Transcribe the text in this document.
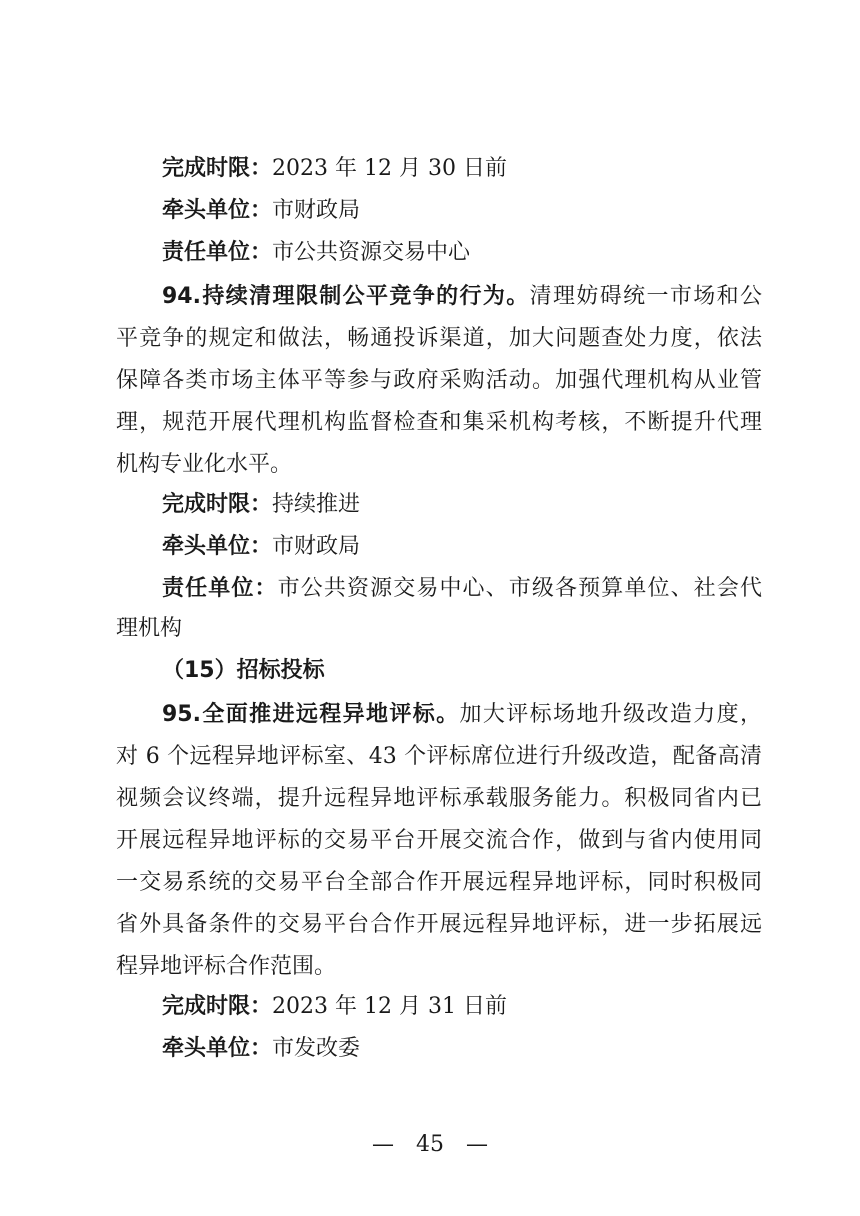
完成时限：2023 年 12 月 30 日前
牵头单位：市财政局
责任单位：市公共资源交易中心
94.持续清理限制公平竞争的行为。清理妨碍统一市场和公
平竞争的规定和做法，畅通投诉渠道，加大问题查处力度，依法
保障各类市场主体平等参与政府采购活动。加强代理机构从业管
理，规范开展代理机构监督检查和集采机构考核，不断提升代理
机构专业化水平。
完成时限：持续推进
牵头单位：市财政局
责任单位：市公共资源交易中心、市级各预算单位、社会代
理机构
（15）招标投标
95.全面推进远程异地评标。加大评标场地升级改造力度，
对 6 个远程异地评标室、43 个评标席位进行升级改造，配备高清
视频会议终端，提升远程异地评标承载服务能力。积极同省内已
开展远程异地评标的交易平台开展交流合作，做到与省内使用同
一交易系统的交易平台全部合作开展远程异地评标，同时积极同
省外具备条件的交易平台合作开展远程异地评标，进一步拓展远
程异地评标合作范围。
完成时限：2023 年 12 月 31 日前
牵头单位：市发改委
—　45　—
